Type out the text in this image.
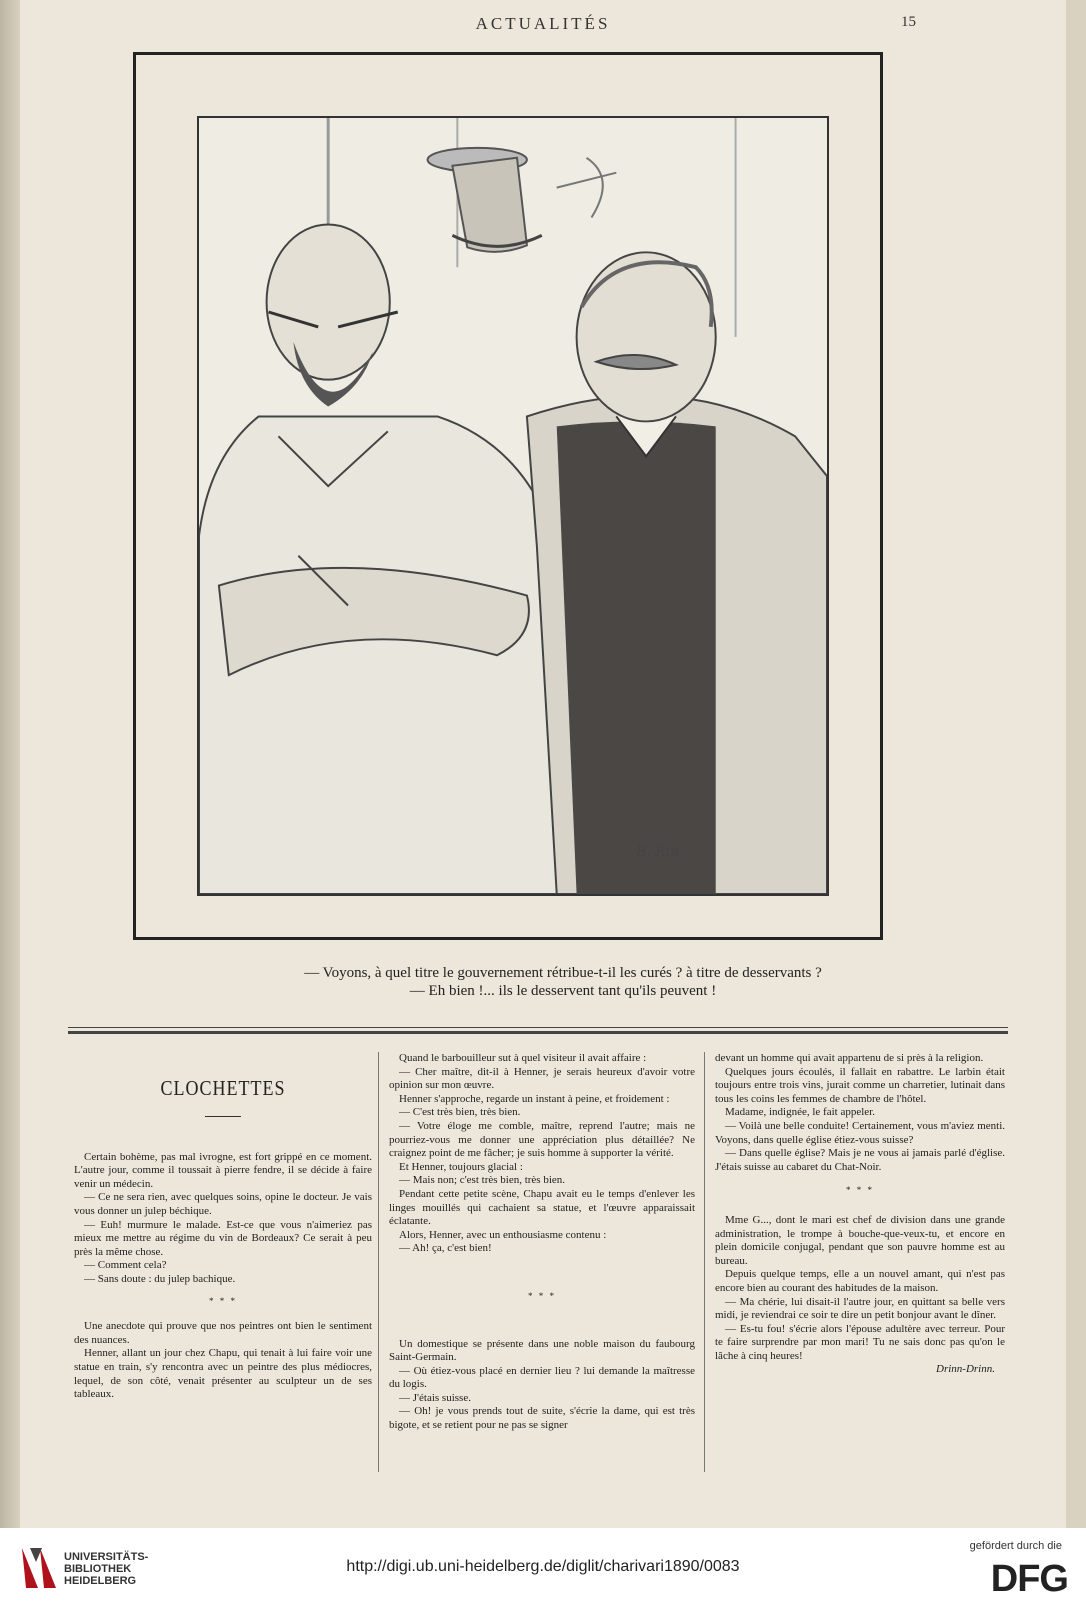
ACTUALITÉS	15
B. Rin
— Voyons, à quel titre le gouvernement rétribue-t-il les curés ? à titre de desservants ?
— Eh bien !... ils le desservent tant qu'ils peuvent !
CLOCHETTES

Certain bohème, pas mal ivrogne, est fort grippé en ce moment. L'autre jour, comme il toussait à pierre fendre, il se décide à faire venir un médecin.

— Ce ne sera rien, avec quelques soins, opine le docteur. Je vais vous donner un julep béchique.

— Euh! murmure le malade. Est-ce que vous n'aimeriez pas mieux me mettre au régime du vin de Bordeaux? Ce serait à peu près la même chose.

— Comment cela?

— Sans doute : du julep bachique.

* * *

Une anecdote qui prouve que nos peintres ont bien le sentiment des nuances.

Henner, allant un jour chez Chapu, qui tenait à lui faire voir une statue en train, s'y rencontra avec un peintre des plus médiocres, lequel, de son côté, venait présenter au sculpteur un de ses tableaux.

Quand le barbouilleur sut à quel visiteur il avait affaire :

— Cher maître, dit-il à Henner, je serais heureux d'avoir votre opinion sur mon œuvre.

Henner s'approche, regarde un instant à peine, et froidement :

— C'est très bien, très bien.

— Votre éloge me comble, maître, reprend l'autre; mais ne pourriez-vous me donner une appréciation plus détaillée? Ne craignez point de me fâcher; je suis homme à supporter la vérité.

Et Henner, toujours glacial :

— Mais non; c'est très bien, très bien.

Pendant cette petite scène, Chapu avait eu le temps d'enlever les linges mouillés qui cachaient sa statue, et l'œuvre apparaissait éclatante.

Alors, Henner, avec un enthousiasme contenu :

— Ah! ça, c'est bien!

* * *

Un domestique se présente dans une noble maison du faubourg Saint-Germain.

— Où étiez-vous placé en dernier lieu ? lui demande la maîtresse du logis.

— J'étais suisse.

— Oh! je vous prends tout de suite, s'écrie la dame, qui est très bigote, et se retient pour ne pas se signer

devant un homme qui avait appartenu de si près à la religion.

Quelques jours écoulés, il fallait en rabattre. Le larbin était toujours entre trois vins, jurait comme un charretier, lutinait dans tous les coins les femmes de chambre de l'hôtel.

Madame, indignée, le fait appeler.

— Voilà une belle conduite! Certainement, vous m'aviez menti. Voyons, dans quelle église étiez-vous suisse?

— Dans quelle église? Mais je ne vous ai jamais parlé d'église. J'étais suisse au cabaret du Chat-Noir.

* * *

Mme G..., dont le mari est chef de division dans une grande administration, le trompe à bouche-que-veux-tu, et encore en plein domicile conjugal, pendant que son pauvre homme est au bureau.

Depuis quelque temps, elle a un nouvel amant, qui n'est pas encore bien au courant des habitudes de la maison.

— Ma chérie, lui disait-il l'autre jour, en quittant sa belle vers midi, je reviendrai ce soir te dire un petit bonjour avant le dîner.

— Es-tu fou! s'écrie alors l'épouse adultère avec terreur. Pour te faire surprendre par mon mari! Tu ne sais donc pas qu'on le lâche à cinq heures!

Drinn-Drinn.
UNIVERSITÄTS-
BIBLIOTHEK
HEIDELBERG
http://digi.ub.uni-heidelberg.de/diglit/charivari1890/0083
gefördert durch die
DFG
